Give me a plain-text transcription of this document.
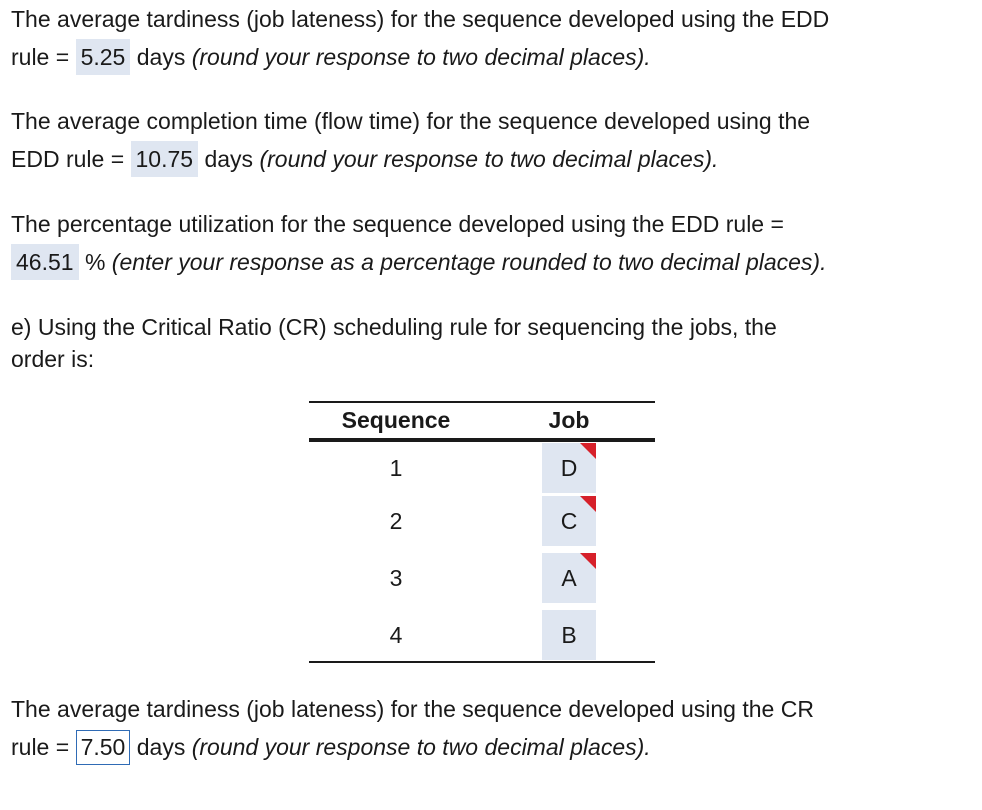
The average tardiness (job lateness) for the sequence developed using the EDD
rule = 5.25 days (round your response to two decimal places).
The average completion time (flow time) for the sequence developed using the
EDD rule = 10.75 days (round your response to two decimal places).
The percentage utilization for the sequence developed using the EDD rule =
46.51 % (enter your response as a percentage rounded to two decimal places).
e) Using the Critical Ratio (CR) scheduling rule for sequencing the jobs, the
order is:
Sequence	Job
1	D
2	C
3	A
4	B
The average tardiness (job lateness) for the sequence developed using the CR
rule = 7.50 days (round your response to two decimal places).
